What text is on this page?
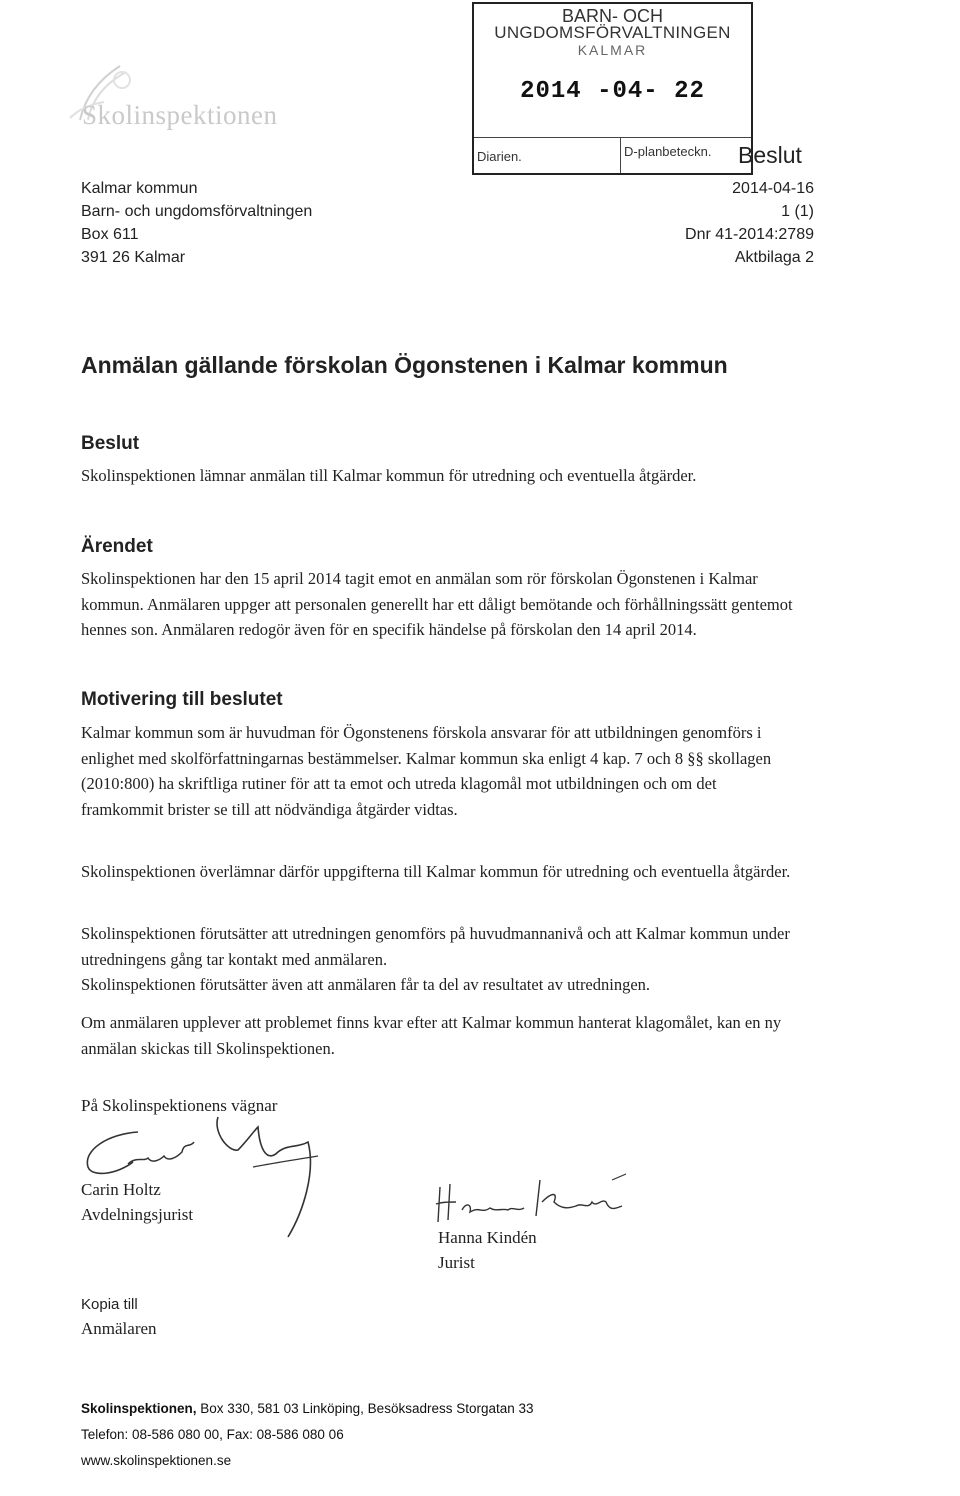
Skolinspektionen
BARN- OCH
UNGDOMSFÖRVALTNINGEN
KALMAR
2014 -04- 22
Diarien.	D-planbeteckn. Beslut
2014-04-16
1 (1)
Dnr 41-2014:2789
Aktbilaga 2
Kalmar kommun
Barn- och ungdomsförvaltningen
Box 611
391 26 Kalmar
Anmälan gällande förskolan Ögonstenen i Kalmar kommun
Beslut

Skolinspektionen lämnar anmälan till Kalmar kommun för utredning och eventuella åtgärder.

Ärendet

Skolinspektionen har den 15 april 2014 tagit emot en anmälan som rör förskolan Ögonstenen i Kalmar kommun. Anmälaren uppger att personalen generellt har ett dåligt bemötande och förhållningssätt gentemot hennes son. Anmälaren redogör även för en specifik händelse på förskolan den 14 april 2014.

Motivering till beslutet

Kalmar kommun som är huvudman för Ögonstenens förskola ansvarar för att utbildningen genomförs i enlighet med skolförfattningarnas bestämmelser. Kalmar kommun ska enligt 4 kap. 7 och 8 §§ skollagen (2010:800) ha skriftliga rutiner för att ta emot och utreda klagomål mot utbildningen och om det framkommit brister se till att nödvändiga åtgärder vidtas.

Skolinspektionen överlämnar därför uppgifterna till Kalmar kommun för utredning och eventuella åtgärder.

Skolinspektionen förutsätter att utredningen genomförs på huvudmannanivå och att Kalmar kommun under utredningens gång tar kontakt med anmälaren.

Skolinspektionen förutsätter även att anmälaren får ta del av resultatet av utredningen.

Om anmälaren upplever att problemet finns kvar efter att Kalmar kommun hanterat klagomålet, kan en ny anmälan skickas till Skolinspektionen.

På Skolinspektionens vägnar
Carin Holtz
Avdelningsjurist
Hanna Kindén
Jurist
Kopia till
Anmälaren
Skolinspektionen, Box 330, 581 03 Linköping, Besöksadress Storgatan 33
Telefon: 08-586 080 00, Fax: 08-586 080 06
www.skolinspektionen.se
